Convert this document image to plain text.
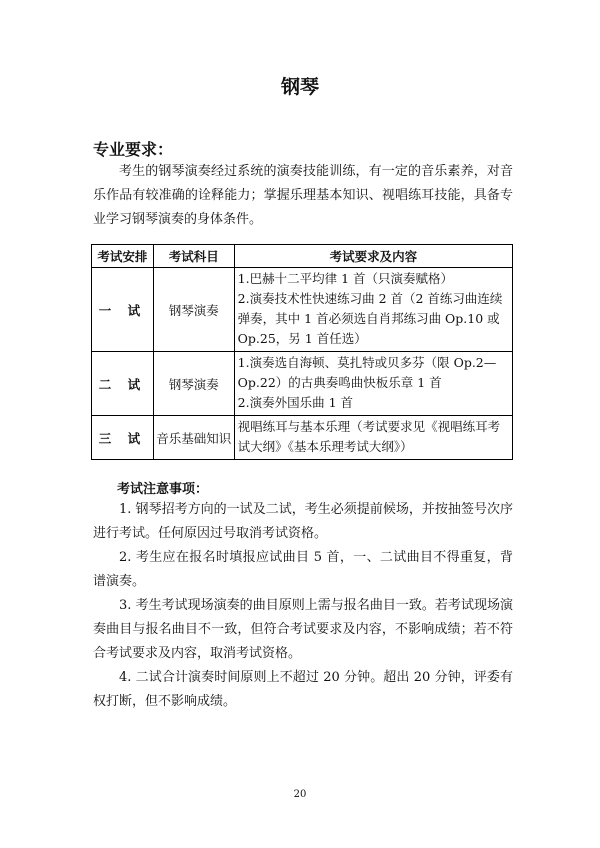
钢琴
专业要求：

考生的钢琴演奏经过系统的演奏技能训练，有一定的音乐素养，对音乐作品有较准确的诠释能力；掌握乐理基本知识、视唱练耳技能，具备专业学习钢琴演奏的身体条件。

考试安排	考试科目	考试要求及内容
一 试	钢琴演奏	1.巴赫十二平均律 1 首（只演奏赋格）
2.演奏技术性快速练习曲 2 首（2 首练习曲连续弹奏，其中 1 首必须选自肖邦练习曲 Op.10 或 Op.25，另 1 首任选）

二 试	钢琴演奏	1.演奏选自海顿、莫扎特或贝多芬（限 Op.2—Op.22）的古典奏鸣曲快板乐章 1 首
2.演奏外国乐曲 1 首

三 试	音乐基础知识	视唱练耳与基本乐理（考试要求见《视唱练耳考试大纲》《基本乐理考试大纲》）
考试注意事项：

1. 钢琴招考方向的一试及二试，考生必须提前候场，并按抽签号次序进行考试。任何原因过号取消考试资格。

2. 考生应在报名时填报应试曲目 5 首，一、二试曲目不得重复，背谱演奏。

3. 考生考试现场演奏的曲目原则上需与报名曲目一致。若考试现场演奏曲目与报名曲目不一致，但符合考试要求及内容，不影响成绩；若不符合考试要求及内容，取消考试资格。

4. 二试合计演奏时间原则上不超过 20 分钟。超出 20 分钟，评委有权打断，但不影响成绩。

20
